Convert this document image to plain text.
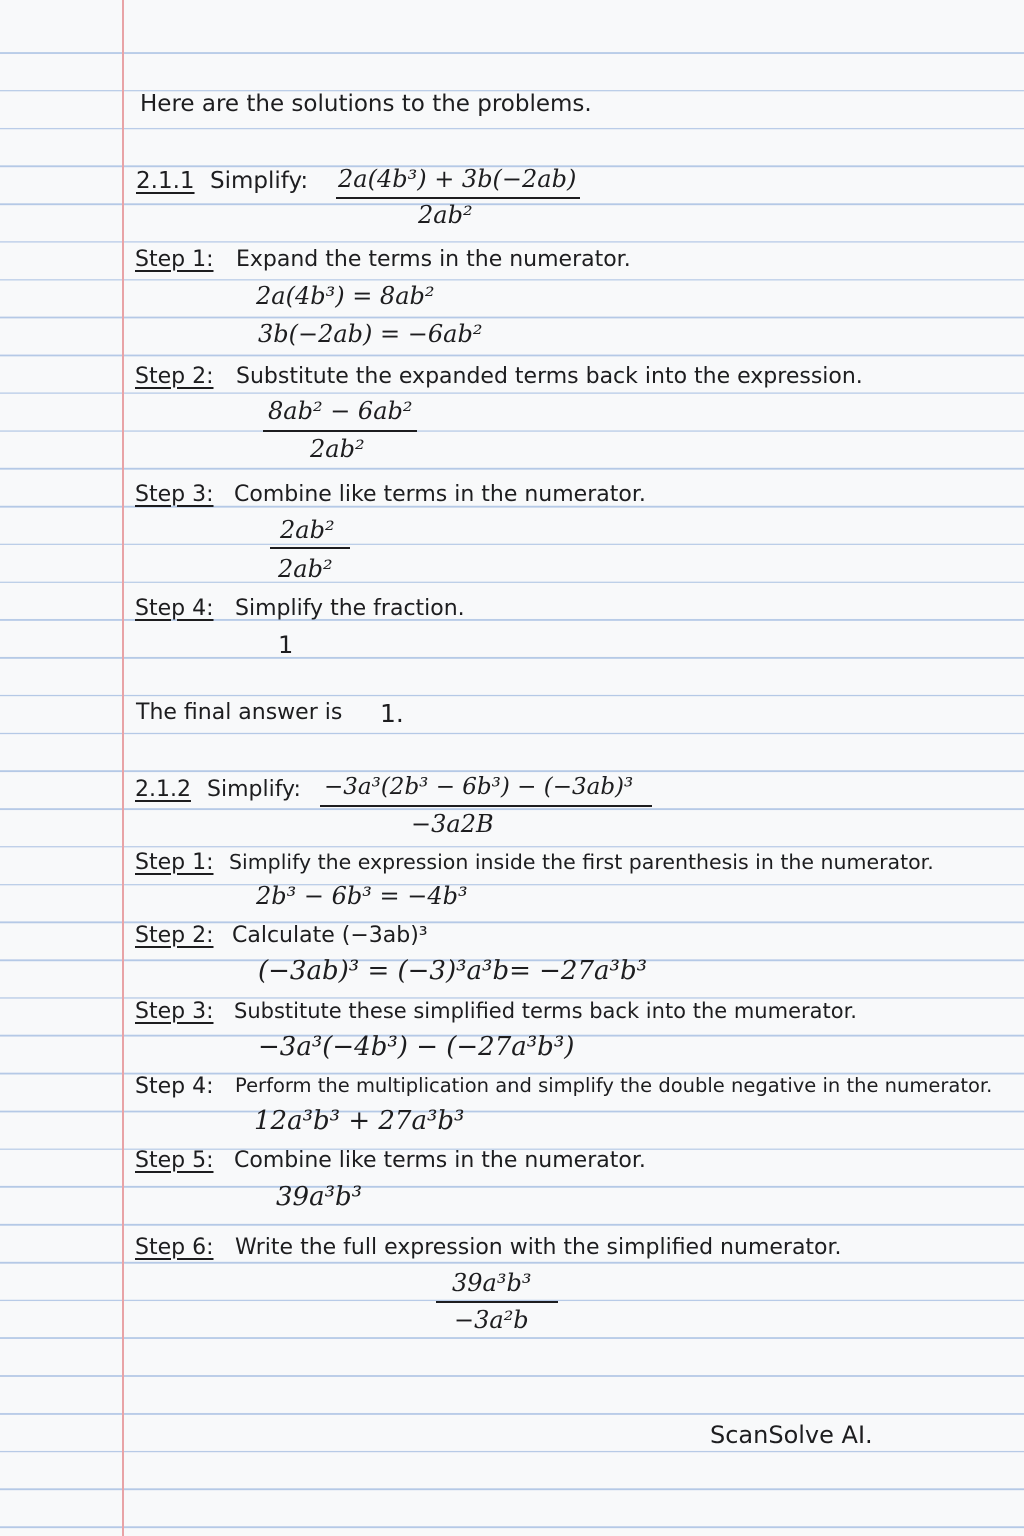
Here are the solutions to the problems.
2.1.1 Simplify: 2a(4b³) + 3b(−2ab)
2ab²
Step 1: Expand the terms in the numerator.
2a(4b³) = 8ab²
3b(−2ab) = −6ab²
Step 2: Substitute the expanded terms back into the expression.
8ab² − 6ab²
2ab²
Step 3: Combine like terms in the numerator.
2ab²
2ab²
Step 4: Simplify the fraction.
1
The final answer is 1.
2.1.2 Simplify: −3a³(2b³ − 6b³) − (−3ab)³
−3a2B
Step 1: Simplify the expression inside the first parenthesis in the numerator.
2b³ − 6b³ = −4b³
Step 2: Calculate (−3ab)³
(−3ab)³ = (−3)³a³b= −27a³b³
Step 3: Substitute these simplified terms back into the mumerator.
−3a³(−4b³) − (−27a³b³)
Step 4: Perform the multiplication and simplify the double negative in the numerator.
12a³b³ + 27a³b³
Step 5: Combine like terms in the numerator.
39a³b³
Step 6: Write the full expression with the simplified numerator.
39a³b³
−3a²b
ScanSolve AI.
